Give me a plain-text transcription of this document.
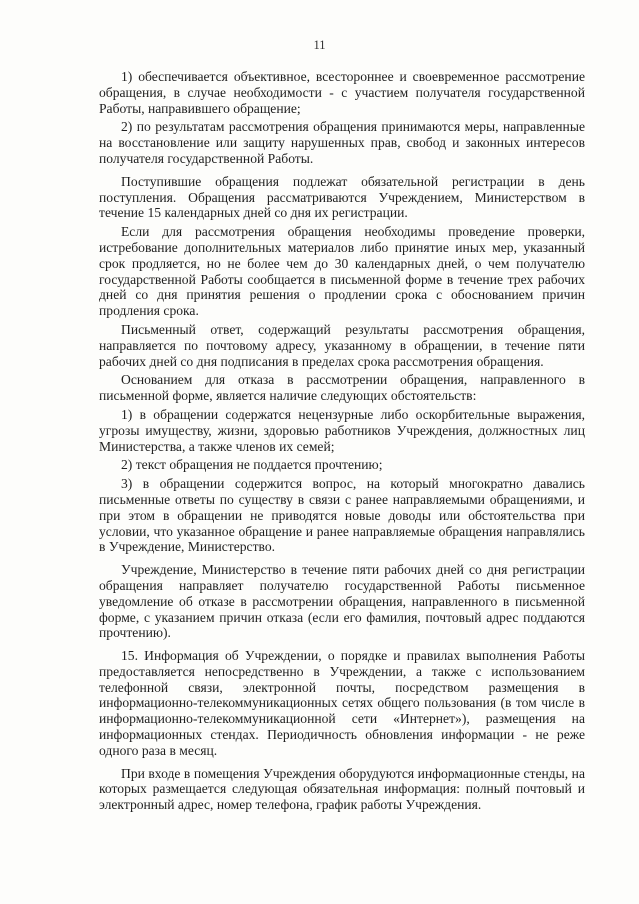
11

1) обеспечивается объективное, всестороннее и своевременное рассмотрение обращения, в случае необходимости - с участием получателя государственной Работы, направившего обращение;

2) по результатам рассмотрения обращения принимаются меры, направленные на восстановление или защиту нарушенных прав, свобод и законных интересов получателя государственной Работы.

Поступившие обращения подлежат обязательной регистрации в день поступления. Обращения рассматриваются Учреждением, Министерством в течение 15 календарных дней со дня их регистрации.

Если для рассмотрения обращения необходимы проведение проверки, истребование дополнительных материалов либо принятие иных мер, указанный срок продляется, но не более чем до 30 календарных дней, о чем получателю государственной Работы сообщается в письменной форме в течение трех рабочих дней со дня принятия решения о продлении срока с обоснованием причин продления срока.

Письменный ответ, содержащий результаты рассмотрения обращения, направляется по почтовому адресу, указанному в обращении, в течение пяти рабочих дней со дня подписания в пределах срока рассмотрения обращения.

Основанием для отказа в рассмотрении обращения, направленного в письменной форме, является наличие следующих обстоятельств:

1) в обращении содержатся нецензурные либо оскорбительные выражения, угрозы имуществу, жизни, здоровью работников Учреждения, должностных лиц Министерства, а также членов их семей;

2) текст обращения не поддается прочтению;

3) в обращении содержится вопрос, на который многократно давались письменные ответы по существу в связи с ранее направляемыми обращениями, и при этом в обращении не приводятся новые доводы или обстоятельства при условии, что указанное обращение и ранее направляемые обращения направлялись в Учреждение, Министерство.

Учреждение, Министерство в течение пяти рабочих дней со дня регистрации обращения направляет получателю государственной Работы письменное уведомление об отказе в рассмотрении обращения, направленного в письменной форме, с указанием причин отказа (если его фамилия, почтовый адрес поддаются прочтению).

15. Информация об Учреждении, о порядке и правилах выполнения Работы предоставляется непосредственно в Учреждении, а также с использованием телефонной связи, электронной почты, посредством размещения в информационно-телекоммуникационных сетях общего пользования (в том числе в информационно-телекоммуникационной сети «Интернет»), размещения на информационных стендах. Периодичность обновления информации - не реже одного раза в месяц.

При входе в помещения Учреждения оборудуются информационные стенды, на которых размещается следующая обязательная информация: полный почтовый и электронный адрес, номер телефона, график работы Учреждения.
